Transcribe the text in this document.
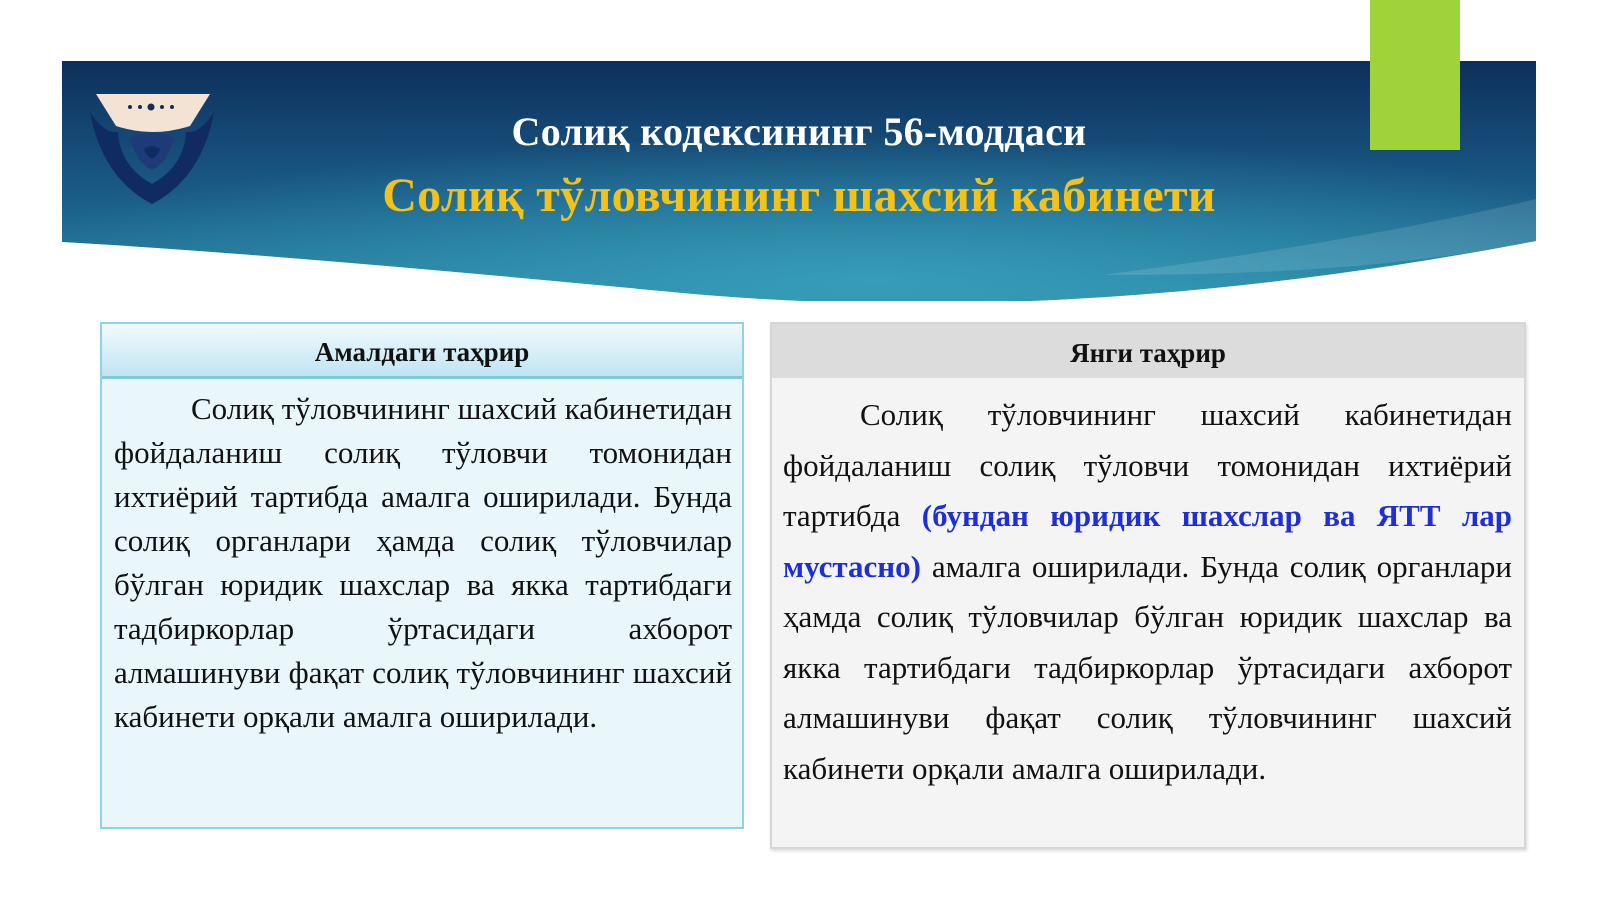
Солиқ кодексининг 56-моддаси
Солиқ тўловчининг шахсий кабинети
Амалдаги таҳрир
Солиқ тўловчининг шахсий кабинетидан фойдаланиш солиқ тўловчи томонидан ихтиёрий тартибда амалга оширилади. Бунда солиқ органлари ҳамда солиқ тўловчилар бўлган юридик шахслар ва якка тартибдаги тадбиркорлар ўртасидаги ахборот алмашинуви фақат солиқ тўловчининг шахсий кабинети орқали амалга оширилади.
Янги таҳрир
Солиқ тўловчининг шахсий кабинетидан фойдаланиш солиқ тўловчи томонидан ихтиёрий тартибда (бундан юридик шахслар ва ЯТТ лар мустасно) амалга оширилади. Бунда солиқ органлари ҳамда солиқ тўловчилар бўлган юридик шахслар ва якка тартибдаги тадбиркорлар ўртасидаги ахборот алмашинуви фақат солиқ тўловчининг шахсий кабинети орқали амалга оширилади.
